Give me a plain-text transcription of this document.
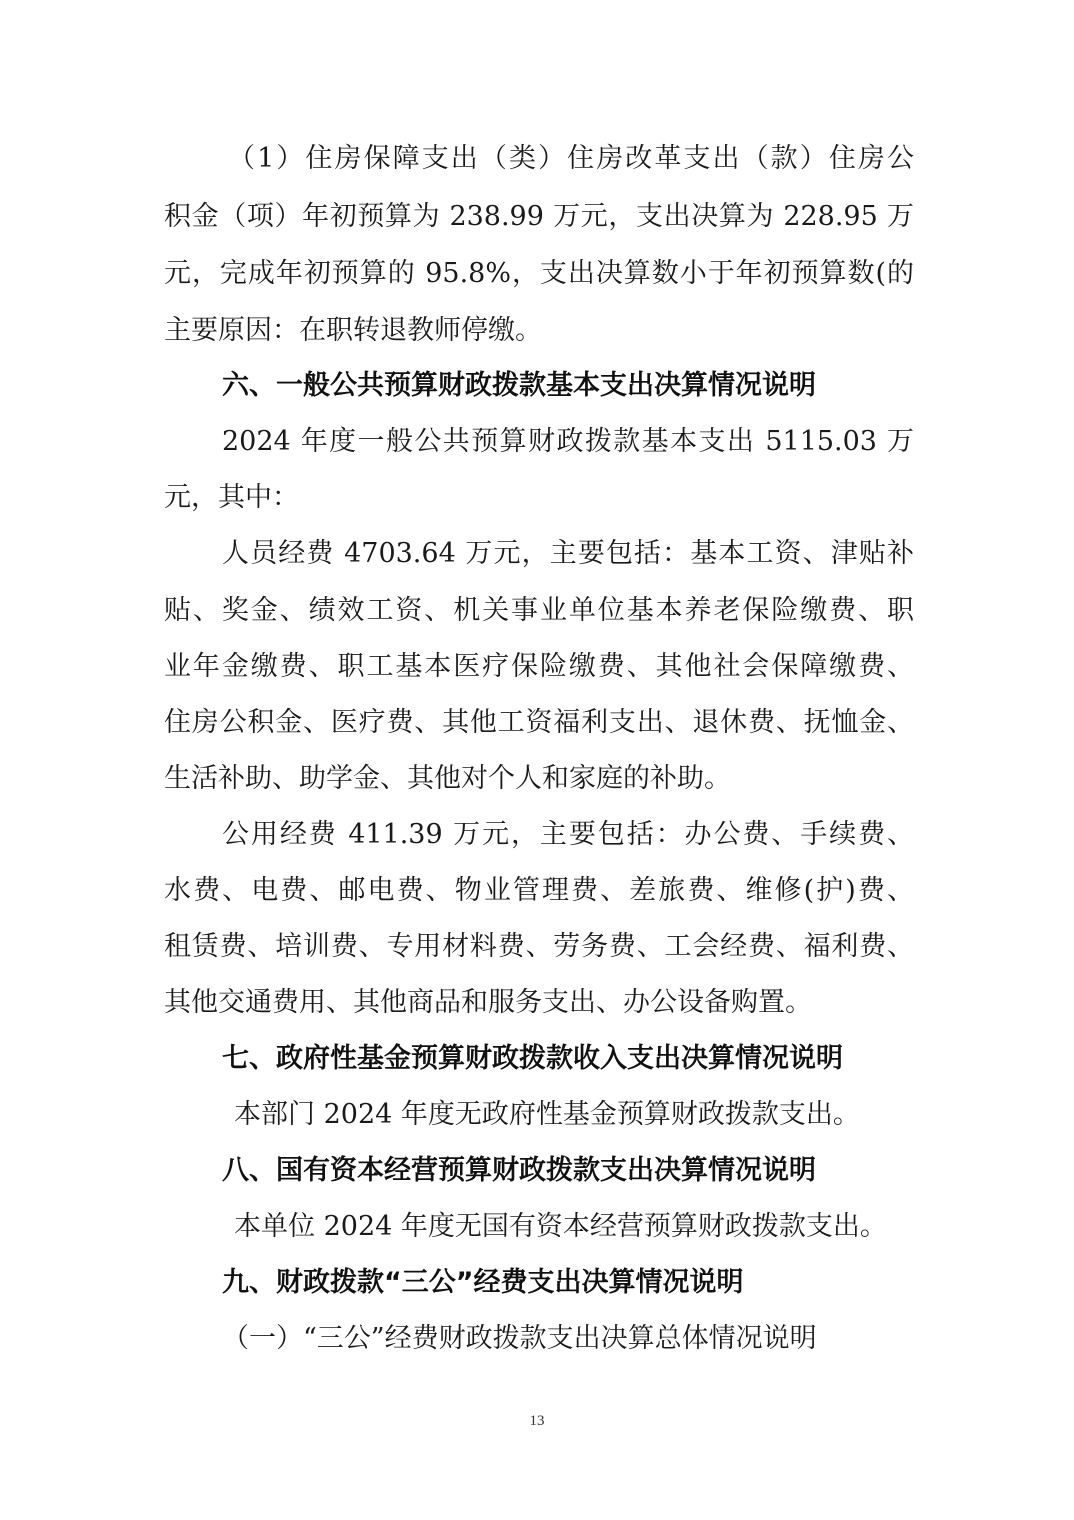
（1）住房保障支出（类）住房改革支出（款）住房公
积金（项）年初预算为 238.99 万元，支出决算为 228.95 万
元，完成年初预算的 95.8%，支出决算数小于年初预算数(的
主要原因：在职转退教师停缴。
六、一般公共预算财政拨款基本支出决算情况说明
2024 年度一般公共预算财政拨款基本支出 5115.03 万
元，其中：
人员经费 4703.64 万元，主要包括：基本工资、津贴补
贴、奖金、绩效工资、机关事业单位基本养老保险缴费、职
业年金缴费、职工基本医疗保险缴费、其他社会保障缴费、
住房公积金、医疗费、其他工资福利支出、退休费、抚恤金、
生活补助、助学金、其他对个人和家庭的补助。
公用经费 411.39 万元，主要包括：办公费、手续费、
水费、电费、邮电费、物业管理费、差旅费、维修(护)费、
租赁费、培训费、专用材料费、劳务费、工会经费、福利费、
其他交通费用、其他商品和服务支出、办公设备购置。
七、政府性基金预算财政拨款收入支出决算情况说明
本部门 2024 年度无政府性基金预算财政拨款支出。
八、国有资本经营预算财政拨款支出决算情况说明
本单位 2024 年度无国有资本经营预算财政拨款支出。
九、财政拨款“三公”经费支出决算情况说明
（一）“三公”经费财政拨款支出决算总体情况说明
13
